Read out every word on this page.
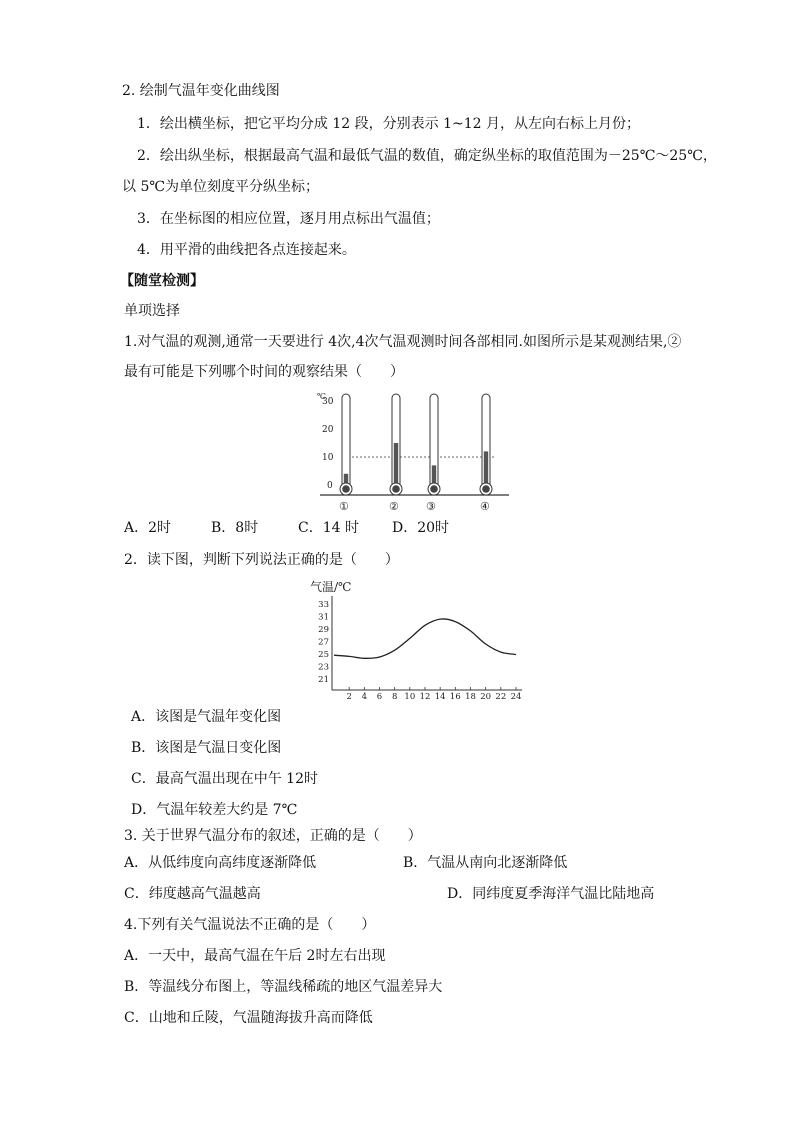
2. 绘制气温年变化曲线图
1．绘出横坐标，把它平均分成 12 段，分别表示 1~12 月，从左向右标上月份；
2．绘出纵坐标，根据最高气温和最低气温的数值，确定纵坐标的取值范围为－25℃～25℃，
以 5℃为单位刻度平分纵坐标；
3．在坐标图的相应位置，逐月用点标出气温值；
4．用平滑的曲线把各点连接起来。
【随堂检测】
单项选择
1.对气温的观测,通常一天要进行 4次,4次气温观测时间各部相同.如图所示是某观测结果,②
最有可能是下列哪个时间的观察结果（　　）
℃
30
20
10
0
①	② ③	④
A．2时	B．8时	C．14 时 D．20时
2．读下图，判断下列说法正确的是（　　）
气温/℃
33
31
29
27
25
23
21
2 4 6 8 10 12 14 16 18 20 22 24
A．该图是气温年变化图
B．该图是气温日变化图
C．最高气温出现在中午 12时
D．气温年较差大约是 7℃
3. 关于世界气温分布的叙述，正确的是（　　）
A．从低纬度向高纬度逐渐降低	B．气温从南向北逐渐降低
C．纬度越高气温越高	D．同纬度夏季海洋气温比陆地高
4.下列有关气温说法不正确的是（　　）
A．一天中，最高气温在午后 2时左右出现
B．等温线分布图上，等温线稀疏的地区气温差异大
C．山地和丘陵，气温随海拔升高而降低
